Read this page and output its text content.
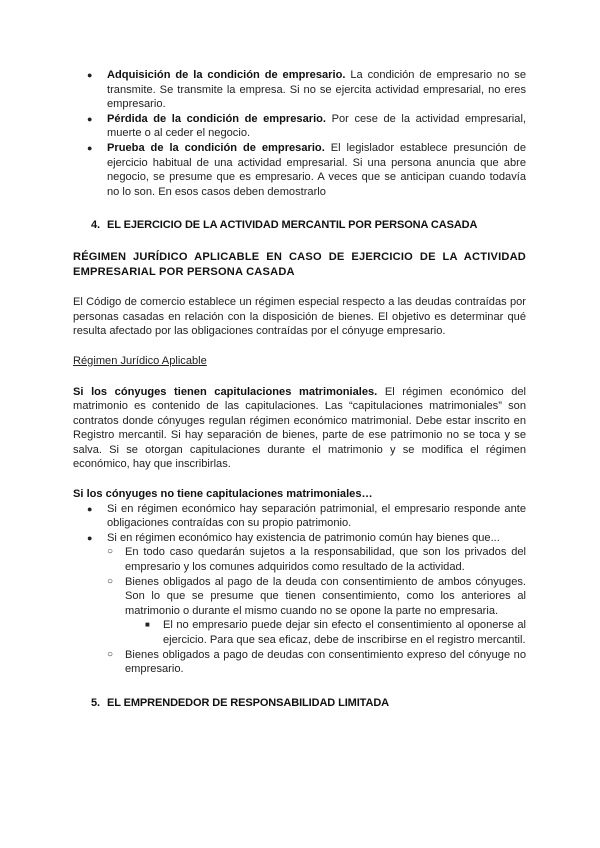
● Adquisición de la condición de empresario. La condición de empresario no se transmite. Se transmite la empresa. Si no se ejercita actividad empresarial, no eres empresario.
● Pérdida de la condición de empresario. Por cese de la actividad empresarial, muerte o al ceder el negocio.
● Prueba de la condición de empresario. El legislador establece presunción de ejercicio habitual de una actividad empresarial. Si una persona anuncia que abre negocio, se presume que es empresario. A veces que se anticipan cuando todavía no lo son. En esos casos deben demostrarlo
4. EL EJERCICIO DE LA ACTIVIDAD MERCANTIL POR PERSONA CASADA
RÉGIMEN JURÍDICO APLICABLE EN CASO DE EJERCICIO DE LA ACTIVIDAD EMPRESARIAL POR PERSONA CASADA

El Código de comercio establece un régimen especial respecto a las deudas contraídas por personas casadas en relación con la disposición de bienes. El objetivo es determinar qué resulta afectado por las obligaciones contraídas por el cónyuge empresario.

Régimen Jurídico Aplicable

Si los cónyuges tienen capitulaciones matrimoniales. El régimen económico del matrimonio es contenido de las capitulaciones. Las “capitulaciones matrimoniales” son contratos donde cónyuges regulan régimen económico matrimonial. Debe estar inscrito en Registro mercantil. Si hay separación de bienes, parte de ese patrimonio no se toca y se salva. Si se otorgan capitulaciones durante el matrimonio y se modifica el régimen económico, hay que inscribirlas.

Si los cónyuges no tiene capitulaciones matrimoniales…

● Si en régimen económico hay separación patrimonial, el empresario responde ante obligaciones contraídas con su propio patrimonio.
● Si en régimen económico hay existencia de patrimonio común hay bienes que...
○ En todo caso quedarán sujetos a la responsabilidad, que son los privados del empresario y los comunes adquiridos como resultado de la actividad.
○ Bienes obligados al pago de la deuda con consentimiento de ambos cónyuges. Son lo que se presume que tienen consentimiento, como los anteriores al matrimonio o durante el mismo cuando no se opone la parte no empresaria.
■ El no empresario puede dejar sin efecto el consentimiento al oponerse al ejercicio. Para que sea eficaz, debe de inscribirse en el registro mercantil.
○ Bienes obligados a pago de deudas con consentimiento expreso del cónyuge no empresario.
5. EL EMPRENDEDOR DE RESPONSABILIDAD LIMITADA
